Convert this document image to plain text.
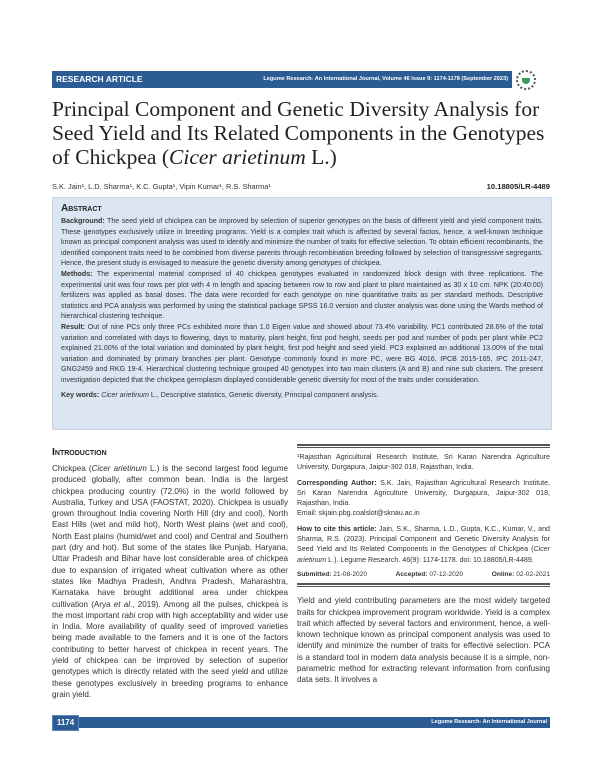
RESEARCH ARTICLE	Legume Research- An International Journal, Volume 46 Issue 9: 1174-1178 (September 2023)
Principal Component and Genetic Diversity Analysis for Seed Yield and Its Related Components in the Genotypes of Chickpea (Cicer arietinum L.)
S.K. Jain¹, L.D. Sharma¹, K.C. Gupta¹, Vipin Kumar¹, R.S. Sharma¹	10.18805/LR-4489
Abstract

Background: The seed yield of chickpea can be improved by selection of superior genotypes on the basis of different yield and yield component traits. These genotypes exclusively utilize in breeding programs. Yield is a complex trait which is affected by several factos, hence, a well-known technique known as principal component analysis was used to identify and minimize the number of traits for effective selection. To obtain efficient recombinants, the identified component traits need to be combined from diverse parents through recombination breeding followed by selection of transgressive segregants. Hence, the present study is envisaged to measure the genetic diversity among genotypes of chickpea.

Methods: The experimental material comprised of 40 chickpea genotypes evaluated in randomized block design with three replications. The experimental unit was four rows per plot with 4 m length and spacing between row to row and plant to plant maintained as 30 x 10 cm. NPK (20:40:00) fertilizers was applied as basal doses. The data were recorded for each genotype on nine quantitative traits as per standard methods. Descriptive statistics and PCA analysis was performed by using the statistical package SPSS 16.0 version and cluster analysis was done using the Wards method of hierarchical clustering technique.

Result: Out of nine PCs only three PCs exhibited more than 1.0 Eigen value and showed about 73.4% variability. PC1 contributed 28.6% of the total variation and correlated with days to flowering, days to maturity, plant height, first pod height, seeds per pod and number of pods per plant while PC2 explained 21.00% of the total variation and dominated by plant height, first pod height and seed yield. PC3 explained an additional 13.00% of the total variation and dominated by primary branches per plant. Genotype commonly found in more PC, were BG 4016, IPCB 2015-165, IPC 2011-247, GNG2459 and RKG 19-4. Hierarchical clustering technique grouped 40 genotypes into two main clusters (A and B) and nine sub clusters. The present investigation depicted that the chickpea germplasm displayed considerable genetic diversity for most of the traits under consideration.

Key words: Cicer arietinum L., Descriptive statistics, Genetic diversity, Principal component analysis.

Introduction
Chickpea (Cicer arietinum L.) is the second largest food legume produced globally, after common bean. India is the largest chickpea producing country (72.0%) in the world followed by Australia, Turkey and USA (FAOSTAT, 2020). Chickpea is usually grown throughout India covering North Hill (dry and cool), North East Hills (wet and mild hot), North West plains (wet and cool), North East plains (humid/wet and cool) and Central and Southern part (dry and hot). But some of the states like Punjab, Haryana, Uttar Pradesh and Bihar have lost considerable area of chickpea due to expansion of irrigated wheat cultivation where as other states like Madhya Pradesh, Andhra Pradesh, Maharashtra, Karnataka have brought additional area under chickpea cultivation (Arya et al., 2019). Among all the pulses, chickpea is the most important rabi crop with high acceptability and wider use in India. More availability of quality seed of improved varieties being made available to the famers and it is one of the factors contributing to better harvest of chickpea in recent years. The yield of chickpea can be improved by selection of superior genotypes which is directly related with the seed yield and utilize these genotypes exclusively in breeding programs to enhance grain yield.

¹Rajasthan Agricultural Research Institute, Sri Karan Narendra Agriculture University, Durgapura, Jaipur-302 018, Rajasthan, India.

Corresponding Author: S.K. Jain, Rajasthan Agricultural Research Institute, Sri Karan Narendra Agriculture University, Durgapura, Jaipur-302 018, Rajasthan, India.
Email: skjain.pbg.coalslot@sknau.ac.in

How to cite this article: Jain, S.K., Sharma, L.D., Gupta, K.C., Kumar, V., and Sharma, R.S. (2023). Principal Component and Genetic Diversity Analysis for Seed Yield and Its Related Components in the Genotypes of Chickpea (Cicer arietinum L.). Legume Research. 46(9): 1174-1178. doi: 10.18805/LR-4489.

Submitted: 21-08-2020	Accepted: 07-12-2020	Online: 02-02-2021
Yield and yield contributing parameters are the most widely targeted traits for chickpea improvement program worldwide. Yield is a complex trait which affected by several factors and environment, hence, a well-known technique known as principal component analysis was used to identify and minimize the number of traits for effective selection. PCA is a standard tool in modern data analysis because it is a simple, non-parametric method for extracting relevant information from confusing data sets. It involves a
1174	Legume Research- An International Journal
